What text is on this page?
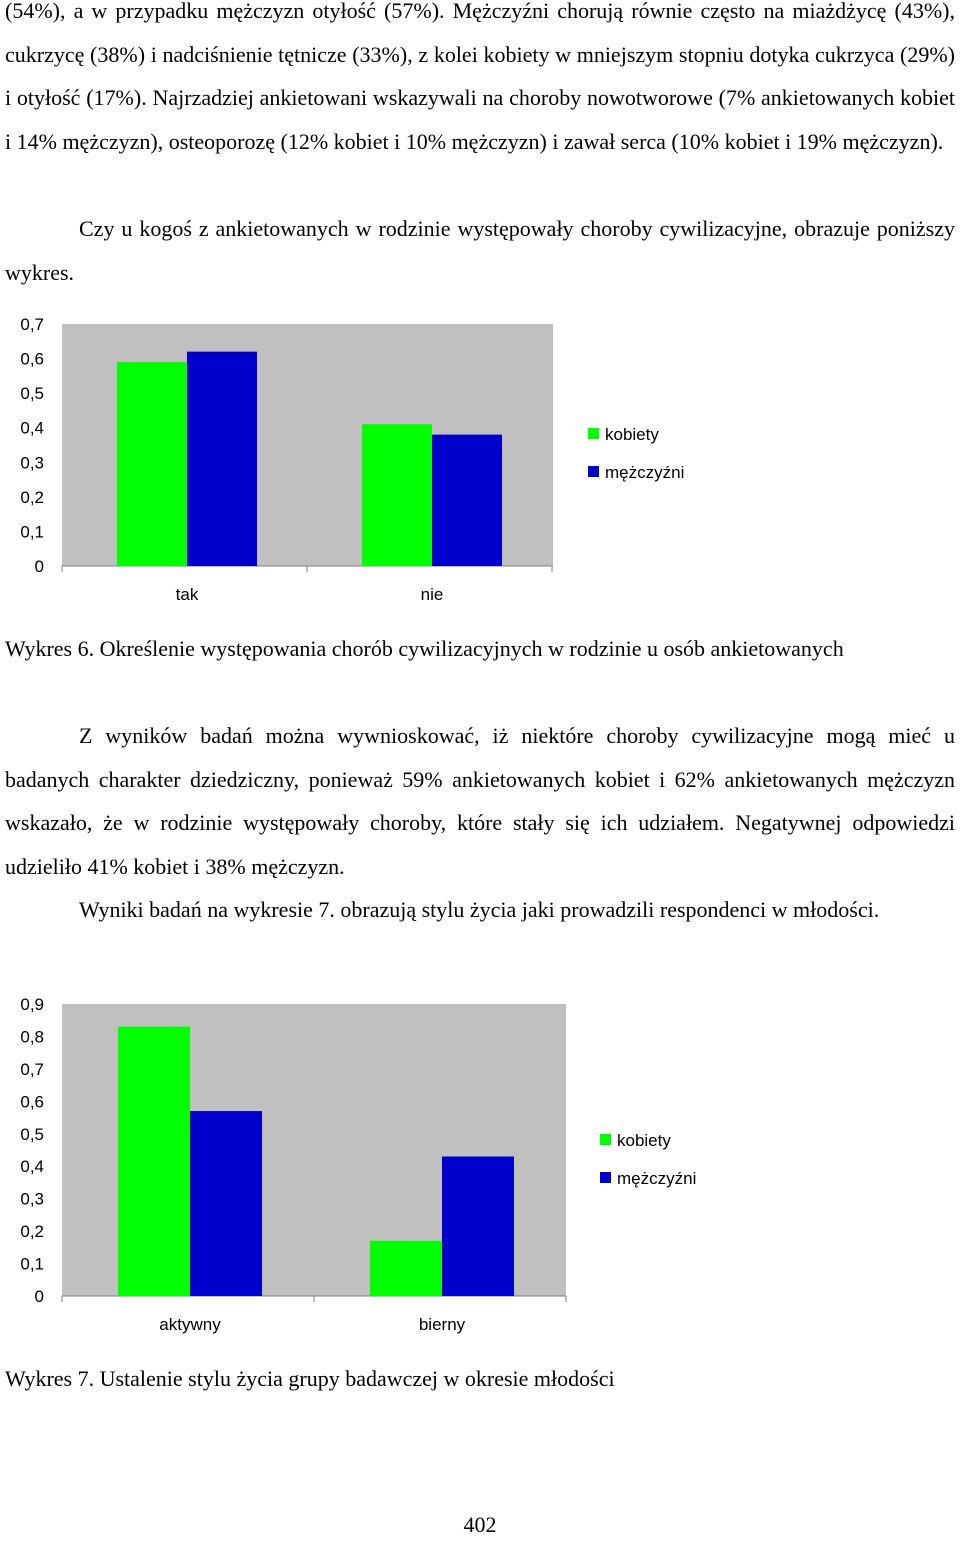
(54%), a w przypadku mężczyzn otyłość (57%). Mężczyźni chorują równie często na miażdżycę (43%), cukrzycę (38%) i nadciśnienie tętnicze (33%), z kolei kobiety w mniejszym stopniu dotyka cukrzyca (29%) i otyłość (17%). Najrzadziej ankietowani wskazywali na choroby nowotworowe (7% ankietowanych kobiet i 14% mężczyzn), osteoporozę (12% kobiet i 10% mężczyzn) i zawał serca (10% kobiet i 19% mężczyzn).

Czy u kogoś z ankietowanych w rodzinie występowały choroby cywilizacyjne, obrazuje poniższy wykres.

0
0,1
0,2
0,3
0,4
0,5
0,6
0,7
tak	nie
kobiety
mężczyźni

Wykres 6. Określenie występowania chorób cywilizacyjnych w rodzinie u osób ankietowanych

Z wyników badań można wywnioskować, iż niektóre choroby cywilizacyjne mogą mieć u badanych charakter dziedziczny, ponieważ 59% ankietowanych kobiet i 62% ankietowanych mężczyzn wskazało, że w rodzinie występowały choroby, które stały się ich udziałem. Negatywnej odpowiedzi udzieliło 41% kobiet i 38% mężczyzn.

Wyniki badań na wykresie 7. obrazują stylu życia jaki prowadzili respondenci w młodości.

0
0,1
0,2
0,3
0,4
0,5
0,6
0,7
0,8
0,9
aktywny	bierny
kobiety
mężczyźni

Wykres 7. Ustalenie stylu życia grupy badawczej w okresie młodości

402
